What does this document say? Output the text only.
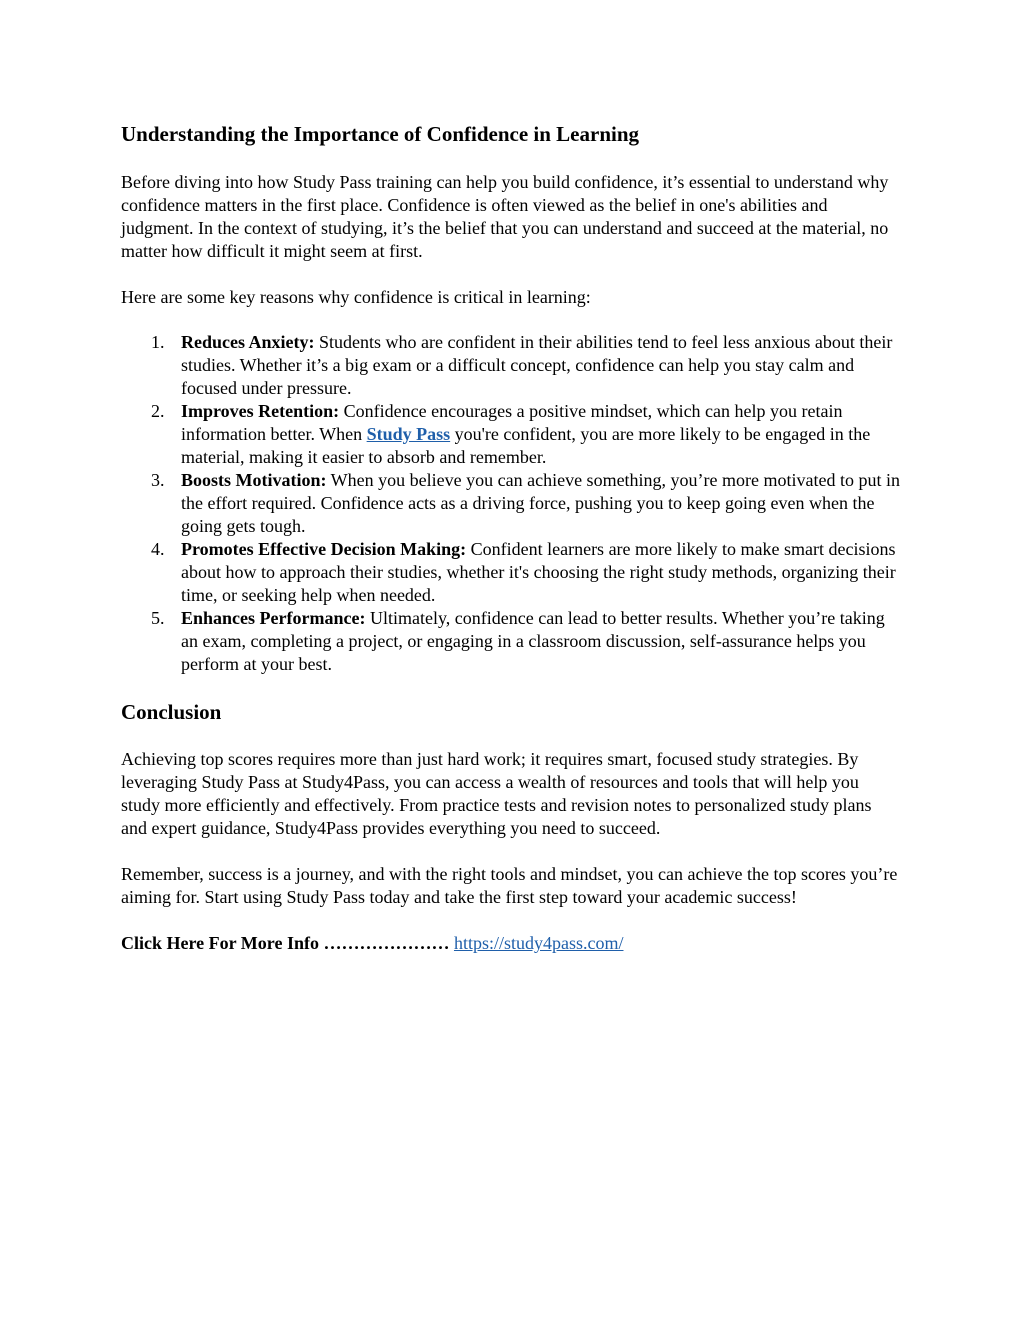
Understanding the Importance of Confidence in Learning
Before diving into how Study Pass training can help you build confidence, it’s essential to understand why confidence matters in the first place. Confidence is often viewed as the belief in one's abilities and judgment. In the context of studying, it’s the belief that you can understand and succeed at the material, no matter how difficult it might seem at first.
Here are some key reasons why confidence is critical in learning:
1. Reduces Anxiety: Students who are confident in their abilities tend to feel less anxious about their studies. Whether it’s a big exam or a difficult concept, confidence can help you stay calm and focused under pressure.
2. Improves Retention: Confidence encourages a positive mindset, which can help you retain information better. When Study Pass you're confident, you are more likely to be engaged in the material, making it easier to absorb and remember.
3. Boosts Motivation: When you believe you can achieve something, you’re more motivated to put in the effort required. Confidence acts as a driving force, pushing you to keep going even when the going gets tough.
4. Promotes Effective Decision Making: Confident learners are more likely to make smart decisions about how to approach their studies, whether it's choosing the right study methods, organizing their time, or seeking help when needed.
5. Enhances Performance: Ultimately, confidence can lead to better results. Whether you’re taking an exam, completing a project, or engaging in a classroom discussion, self-assurance helps you perform at your best.
Conclusion
Achieving top scores requires more than just hard work; it requires smart, focused study strategies. By leveraging Study Pass at Study4Pass, you can access a wealth of resources and tools that will help you study more efficiently and effectively. From practice tests and revision notes to personalized study plans and expert guidance, Study4Pass provides everything you need to succeed.
Remember, success is a journey, and with the right tools and mindset, you can achieve the top scores you’re aiming for. Start using Study Pass today and take the first step toward your academic success!
Click Here For More Info ………………… https://study4pass.com/
